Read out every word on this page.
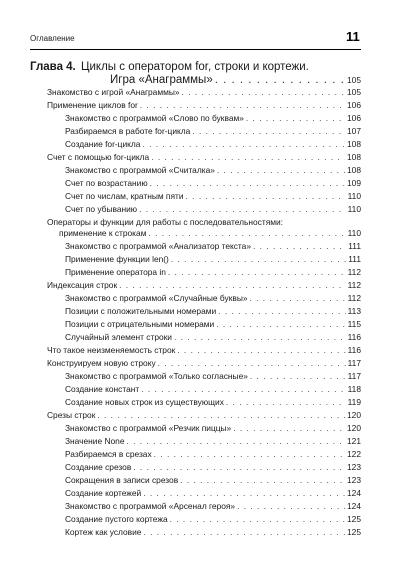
Оглавление	11
Глава 4. Циклы с оператором for, строки и кортежи.
Игра «Анаграммы» . . .	105
Знакомство с игрой «Анаграммы» . . .	105
Применение циклов for . . .	106
Знакомство с программой «Слово по буквам» . . .	106
Разбираемся в работе for-цикла . . .	107
Создание for-цикла . . .	108
Счет с помощью for-цикла . . .	108
Знакомство с программой «Считалка» . . .	108
Счет по возрастанию . . .	109
Счет по числам, кратным пяти . . .	110
Счет по убыванию . . .	110
Операторы и функции для работы с последовательностями:
применение к строкам . . .	110
Знакомство с программой «Анализатор текста» . . .	111
Применение функции len() . . .	111
Применение оператора in . . .	112
Индексация строк . . .	112
Знакомство с программой «Случайные буквы» . . .	112
Позиции с положительными номерами . . .	113
Позиции с отрицательными номерами . . .	115
Случайный элемент строки . . .	116
Что такое неизменяемость строк . . .	116
Конструируем новую строку . . .	117
Знакомство с программой «Только согласные» . . .	117
Создание констант . . .	118
Создание новых строк из существующих . . .	119
Срезы строк . . .	120
Знакомство с программой «Резчик пиццы» . . .	120
Значение None . . .	121
Разбираемся в срезах . . .	122
Создание срезов . . .	123
Сокращения в записи срезов . . .	123
Создание кортежей . . .	124
Знакомство с программой «Арсенал героя» . . .	124
Создание пустого кортежа . . .	125
Кортеж как условие . . .	125
